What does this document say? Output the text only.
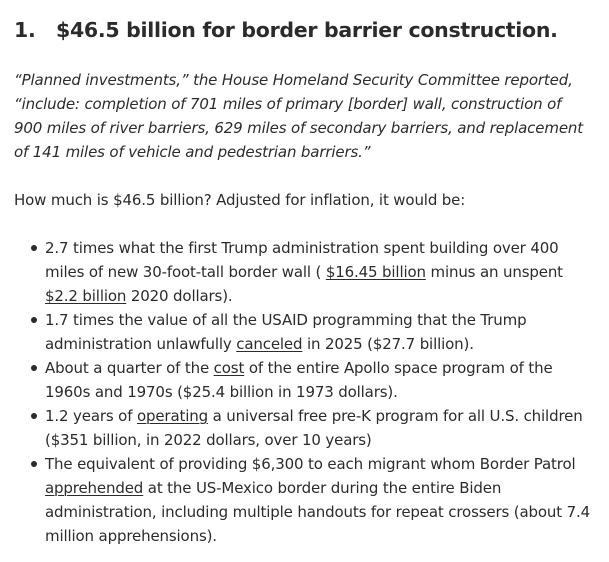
1.	$46.5 billion for border barrier construction.

“Planned investments,” the House Homeland Security Committee reported,
“include: completion of 701 miles of primary [border] wall, construction of
900 miles of river barriers, 629 miles of secondary barriers, and replacement
of 141 miles of vehicle and pedestrian barriers.”

How much is $46.5 billion? Adjusted for inflation, it would be:

2.7 times what the first Trump administration spent building over 400
miles of new 30-foot-tall border wall ( $16.45 billion minus an unspent
$2.2 billion 2020 dollars).
1.7 times the value of all the USAID programming that the Trump
administration unlawfully canceled in 2025 ($27.7 billion).
About a quarter of the cost of the entire Apollo space program of the
1960s and 1970s ($25.4 billion in 1973 dollars).
1.2 years of operating a universal free pre-K program for all U.S. children
($351 billion, in 2022 dollars, over 10 years)
The equivalent of providing $6,300 to each migrant whom Border Patrol
apprehended at the US-Mexico border during the entire Biden
administration, including multiple handouts for repeat crossers (about 7.4
million apprehensions).
